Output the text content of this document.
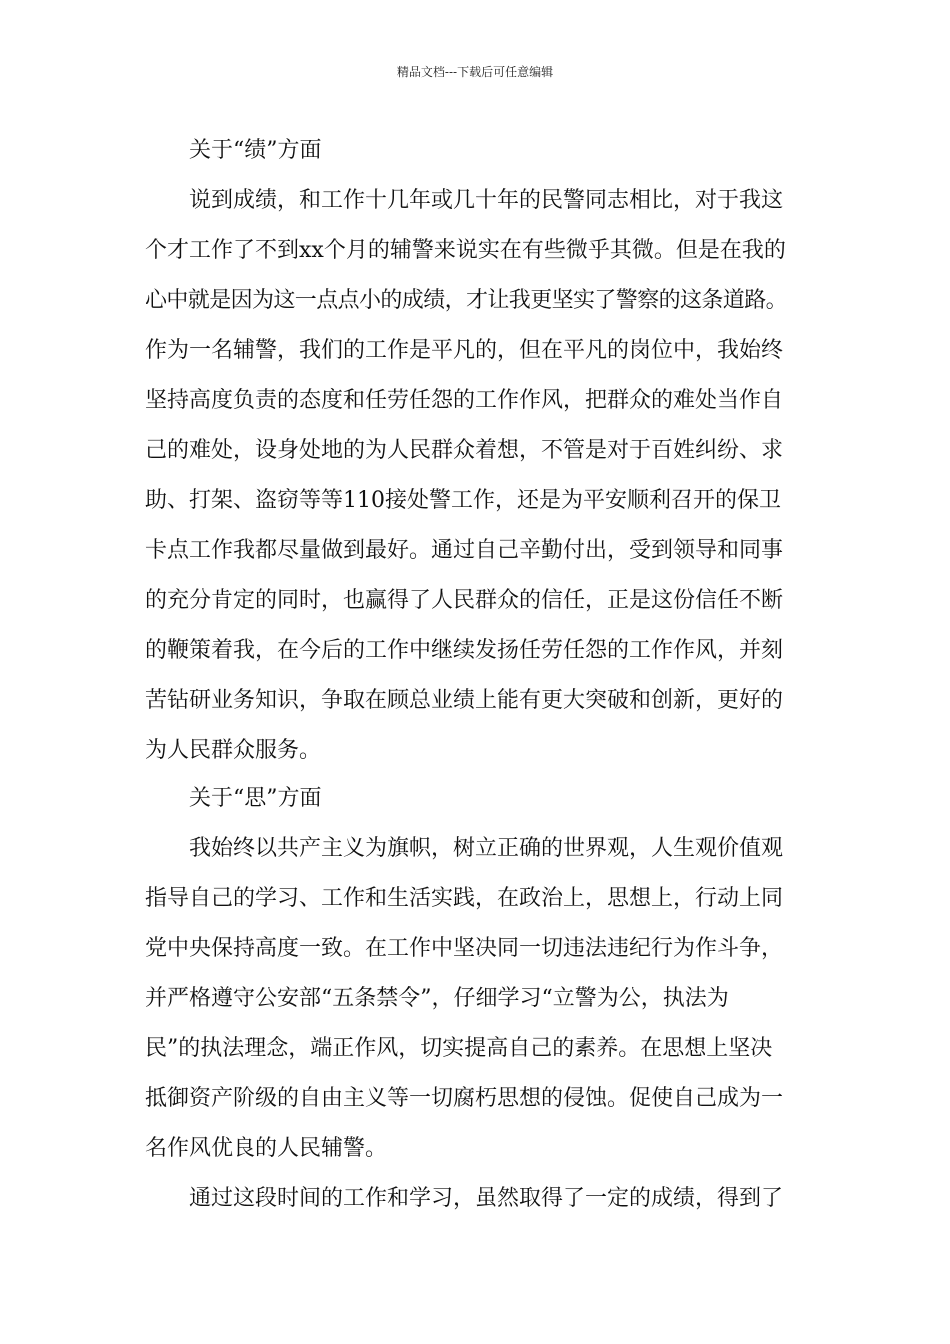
精品文档---下载后可任意编辑
关于“绩”方面
说到成绩，和工作十几年或几十年的民警同志相比，对于我这
个才工作了不到xx个月的辅警来说实在有些微乎其微。但是在我的
心中就是因为这一点点小的成绩，才让我更坚实了警察的这条道路。
作为一名辅警，我们的工作是平凡的，但在平凡的岗位中，我始终
坚持高度负责的态度和任劳任怨的工作作风，把群众的难处当作自
己的难处，设身处地的为人民群众着想，不管是对于百姓纠纷、求
助、打架、盗窃等等110接处警工作，还是为平安顺利召开的保卫
卡点工作我都尽量做到最好。通过自己辛勤付出，受到领导和同事
的充分肯定的同时，也赢得了人民群众的信任，正是这份信任不断
的鞭策着我，在今后的工作中继续发扬任劳任怨的工作作风，并刻
苦钻研业务知识，争取在顾总业绩上能有更大突破和创新，更好的
为人民群众服务。
关于“思”方面
我始终以共产主义为旗帜，树立正确的世界观，人生观价值观
指导自己的学习、工作和生活实践，在政治上，思想上，行动上同
党中央保持高度一致。在工作中坚决同一切违法违纪行为作斗争，
并严格遵守公安部“五条禁令”，仔细学习“立警为公，执法为
民”的执法理念，端正作风，切实提高自己的素养。在思想上坚决
抵御资产阶级的自由主义等一切腐朽思想的侵蚀。促使自己成为一
名作风优良的人民辅警。
通过这段时间的工作和学习，虽然取得了一定的成绩，得到了
